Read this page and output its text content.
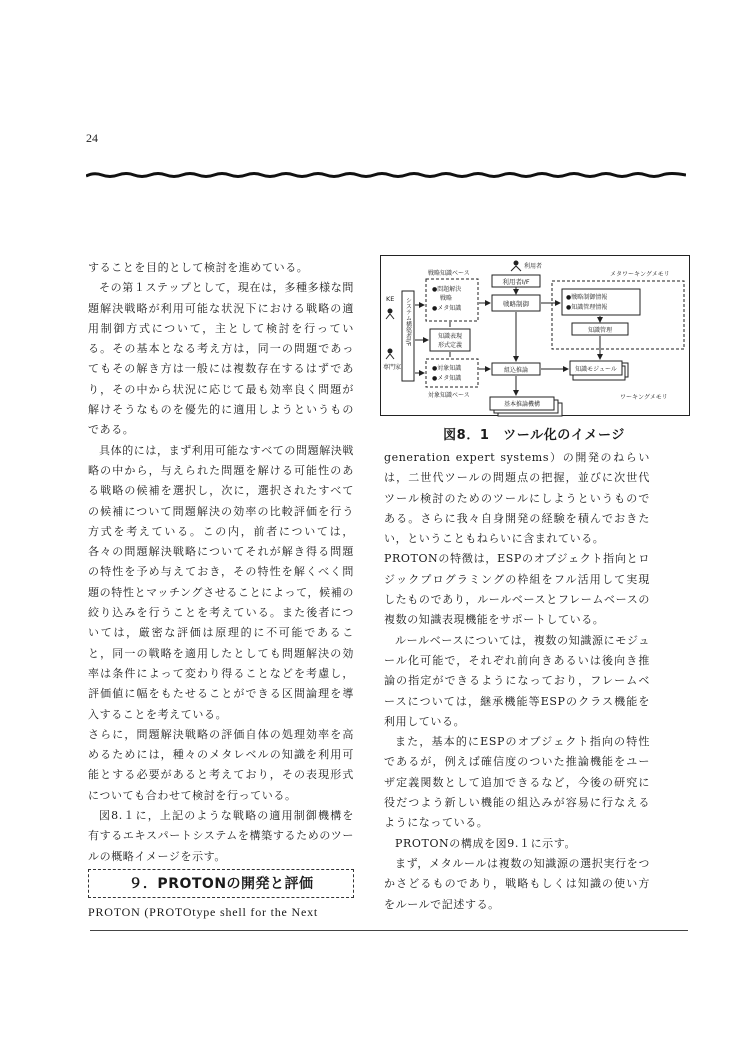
24

することを目的として検討を進めている。

その第１ステップとして，現在は，多種多様な問題解決戦略が利用可能な状況下における戦略の適用制御方式について，主として検討を行っている。その基本となる考え方は，同一の問題であってもその解き方は一般には複数存在するはずであり，その中から状況に応じて最も効率良く問題が解けそうなものを優先的に適用しようというものである。

具体的には，まず利用可能なすべての問題解決戦略の中から，与えられた問題を解ける可能性のある戦略の候補を選択し，次に，選択されたすべての候補について問題解決の効率の比較評価を行う方式を考えている。この内，前者については，各々の問題解決戦略についてそれが解き得る問題の特性を予め与えておき，その特性を解くべく問題の特性とマッチングさせることによって，候補の絞り込みを行うことを考えている。また後者については，厳密な評価は原理的に不可能であること，同一の戦略を適用したとしても問題解決の効率は条件によって変わり得ることなどを考慮し，評価値に幅をもたせることができる区間論理を導入することを考えている。

さらに，問題解決戦略の評価自体の処理効率を高めるためには，種々のメタレベルの知識を利用可能とする必要があると考えており，その表現形式についても合わせて検討を行っている。

図8.１に，上記のような戦略の適用制御機構を有するエキスパートシステムを構築するためのツールの概略イメージを示す。

９．PROTONの開発と評価

PROTON (PROTOtype shell for the Next

利用者
利用者I/F
メタワーキングメモリ
●戦略制御情報
●知識管理情報
知識管理
戦略知識ベース
●問題解決
戦略
●メタ知識
戦略制御
KE
専門家
システム構築者I/F	知識表現
形式定義
●対象知識
●メタ知識
対象知識ベース
組込推論	知識モジュール
ワーキングメモリ
基本推論機構
図8．1　ツール化のイメージ

generation expert systems）の開発のねらいは，二世代ツールの問題点の把握，並びに次世代ツール検討のためのツールにしようというものである。さらに我々自身開発の経験を積んでおきたい，ということもねらいに含まれている。

PROTONの特徴は，ESPのオブジェクト指向とロジックプログラミングの枠組をフル活用して実現したものであり，ルールベースとフレームベースの複数の知識表現機能をサポートしている。

ルールベースについては，複数の知識源にモジュール化可能で，それぞれ前向きあるいは後向き推論の指定ができるようになっており，フレームベースについては，継承機能等ESPのクラス機能を利用している。

また，基本的にESPのオブジェクト指向の特性であるが，例えば確信度のついた推論機能をユーザ定義関数として追加できるなど，今後の研究に役だつよう新しい機能の組込みが容易に行なえるようになっている。

PROTONの構成を図9.１に示す。

まず，メタルールは複数の知識源の選択実行をつかさどるものであり，戦略もしくは知識の使い方をルールで記述する。
